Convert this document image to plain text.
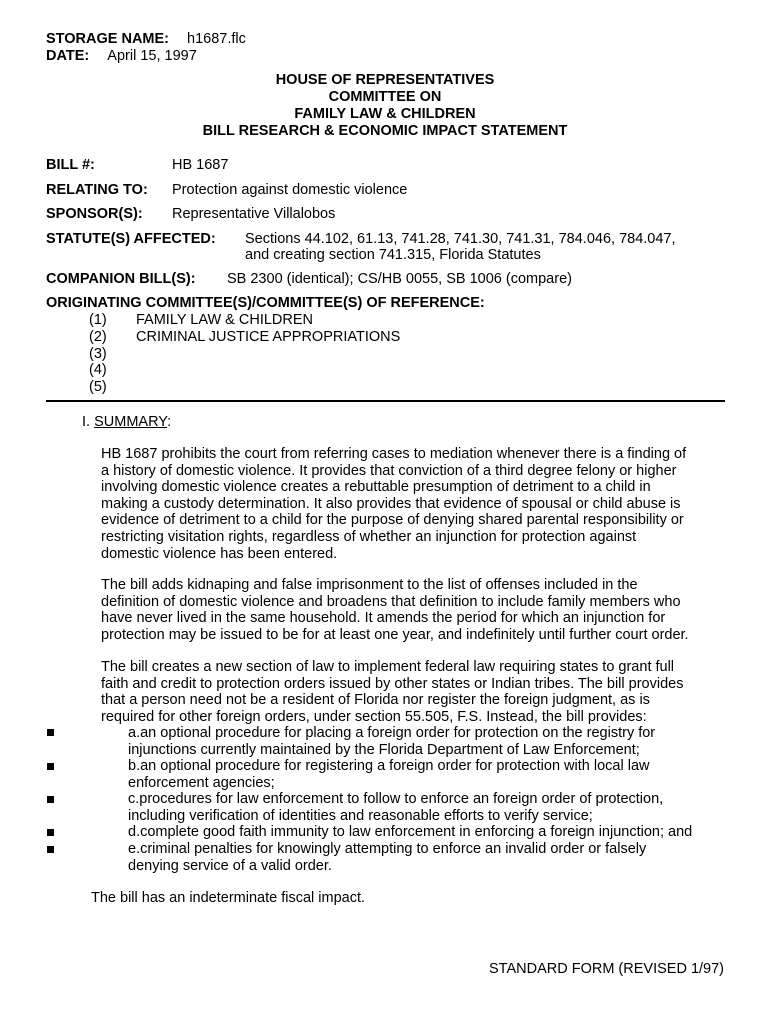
STORAGE NAME: h1687.flc
DATE: April 15, 1997
HOUSE OF REPRESENTATIVES
COMMITTEE ON
FAMILY LAW & CHILDREN
BILL RESEARCH & ECONOMIC IMPACT STATEMENT
BILL #:	HB 1687
RELATING TO: Protection against domestic violence
SPONSOR(S): Representative Villalobos
STATUTE(S) AFFECTED: Sections 44.102, 61.13, 741.28, 741.30, 741.31, 784.046, 784.047,
and creating section 741.315, Florida Statutes
COMPANION BILL(S): SB 2300 (identical); CS/HB 0055, SB 1006 (compare)
ORIGINATING COMMITTEE(S)/COMMITTEE(S) OF REFERENCE:
(1) FAMILY LAW & CHILDREN
(2) CRIMINAL JUSTICE APPROPRIATIONS
(3)
(4)
(5)
I. SUMMARY:
HB 1687 prohibits the court from referring cases to mediation whenever there is a finding of
a history of domestic violence. It provides that conviction of a third degree felony or higher
involving domestic violence creates a rebuttable presumption of detriment to a child in
making a custody determination. It also provides that evidence of spousal or child abuse is
evidence of detriment to a child for the purpose of denying shared parental responsibility or
restricting visitation rights, regardless of whether an injunction for protection against
domestic violence has been entered.
The bill adds kidnaping and false imprisonment to the list of offenses included in the
definition of domestic violence and broadens that definition to include family members who
have never lived in the same household. It amends the period for which an injunction for
protection may be issued to be for at least one year, and indefinitely until further court order.
The bill creates a new section of law to implement federal law requiring states to grant full
faith and credit to protection orders issued by other states or Indian tribes. The bill provides
that a person need not be a resident of Florida nor register the foreign judgment, as is
required for other foreign orders, under section 55.505, F.S. Instead, the bill provides:
a.an optional procedure for placing a foreign order for protection on the registry for
injunctions currently maintained by the Florida Department of Law Enforcement;
b.an optional procedure for registering a foreign order for protection with local law
enforcement agencies;
c.procedures for law enforcement to follow to enforce an foreign order of protection,
including verification of identities and reasonable efforts to verify service;
d.complete good faith immunity to law enforcement in enforcing a foreign injunction; and
e.criminal penalties for knowingly attempting to enforce an invalid order or falsely
denying service of a valid order.
The bill has an indeterminate fiscal impact.
STANDARD FORM (REVISED 1/97)
